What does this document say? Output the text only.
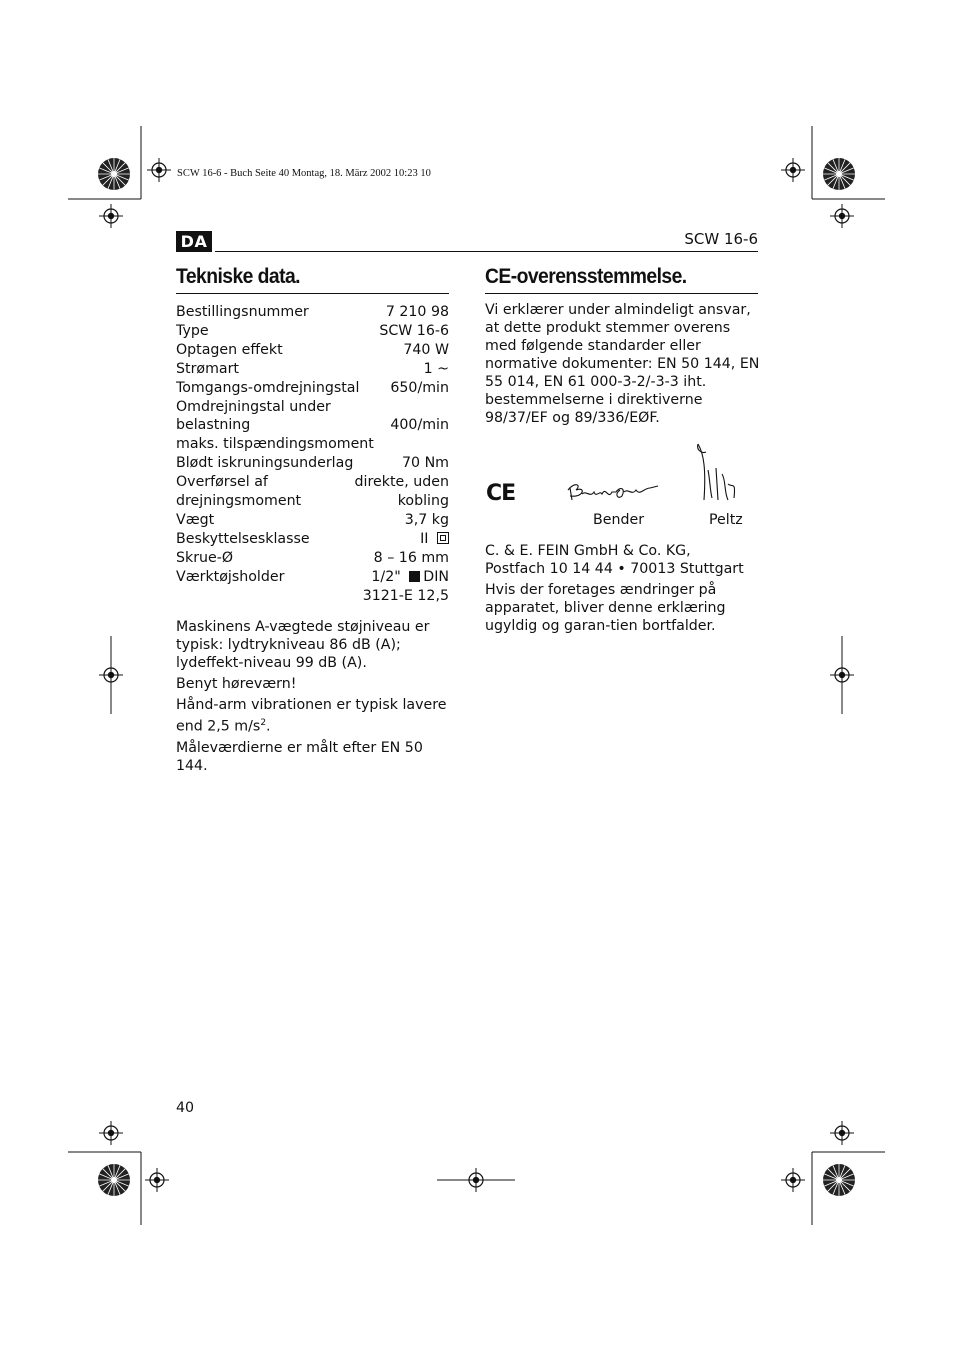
SCW 16-6 - Buch Seite 40 Montag, 18. März 2002 10:23 10
DA	SCW 16-6
Tekniske data.
Bestillingsnummer	7 210 98
Type	SCW 16-6
Optagen effekt	740 W
Strømart	1 ~
Tomgangs-omdrejningstal 650/min
Omdrejningstal under
belastning	400/min
maks. tilspændingsmoment
Blødt iskruningsunderlag	70 Nm
Overførsel af	direkte, uden
drejningsmoment	kobling
Vægt	3,7 kg
Beskyttelsesklasse	II
Skrue-Ø	8 – 16 mm
Værktøjsholder	1/2" DIN
3121-E 12,5

Maskinens A-vægtede støjniveau er typisk: lydtrykniveau 86 dB (A); lydeffekt-niveau 99 dB (A).

Benyt høreværn!

Hånd-arm vibrationen er typisk lavere end 2,5 $m/s^2$.

Måleværdierne er målt efter EN 50 144.

CE-overensstemmelse.

Vi erklærer under almindeligt ansvar, at dette produkt stemmer overens med følgende standarder eller normative dokumenter: EN 50 144, EN 55 014, EN 61 000-3-2/-3-3 iht. bestemmelserne i direktiverne 98/37/EF og 89/336/EØF.

CE
Bender	Peltz
C. & E. FEIN GmbH & Co. KG,
Postfach 10 14 44 • 70013 Stuttgart

Hvis der foretages ændringer på apparatet, bliver denne erklæring ugyldig og garan-tien bortfalder.

40
